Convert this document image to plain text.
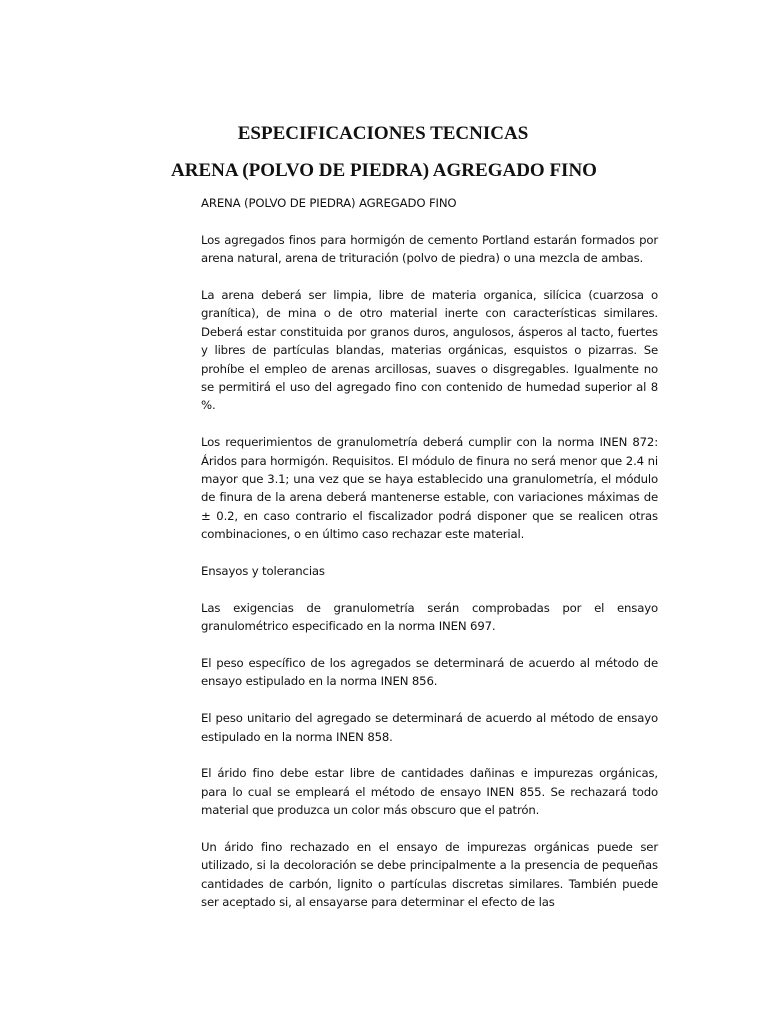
ESPECIFICACIONES TECNICAS
ARENA (POLVO DE PIEDRA) AGREGADO FINO

ARENA (POLVO DE PIEDRA) AGREGADO FINO

Los agregados finos para hormigón de cemento Portland estarán formados por arena natural, arena de trituración (polvo de piedra) o una mezcla de ambas.

La arena deberá ser limpia, libre de materia organica, silícica (cuarzosa o granítica), de mina o de otro material inerte con características similares. Deberá estar constituida por granos duros, angulosos, ásperos al tacto, fuertes y libres de partículas blandas, materias orgánicas, esquistos o pizarras. Se prohíbe el empleo de arenas arcillosas, suaves o disgregables. Igualmente no se permitirá el uso del agregado fino con contenido de humedad superior al 8 %.

Los requerimientos de granulometría deberá cumplir con la norma INEN 872: Áridos para hormigón. Requisitos. El módulo de finura no será menor que 2.4 ni mayor que 3.1; una vez que se haya establecido una granulometría, el módulo de finura de la arena deberá mantenerse estable, con variaciones máximas de ± 0.2, en caso contrario el fiscalizador podrá disponer que se realicen otras combinaciones, o en último caso rechazar este material.

Ensayos y tolerancias

Las exigencias de granulometría serán comprobadas por el ensayo granulométrico especificado en la norma INEN 697.

El peso específico de los agregados se determinará de acuerdo al método de ensayo estipulado en la norma INEN 856.

El peso unitario del agregado se determinará de acuerdo al método de ensayo estipulado en la norma INEN 858.

El árido fino debe estar libre de cantidades dañinas e impurezas orgánicas, para lo cual se empleará el método de ensayo INEN 855. Se rechazará todo material que produzca un color más obscuro que el patrón.

Un árido fino rechazado en el ensayo de impurezas orgánicas puede ser utilizado, si la decoloración se debe principalmente a la presencia de pequeñas cantidades de carbón, lignito o partículas discretas similares. También puede ser aceptado si, al ensayarse para determinar el efecto de las
